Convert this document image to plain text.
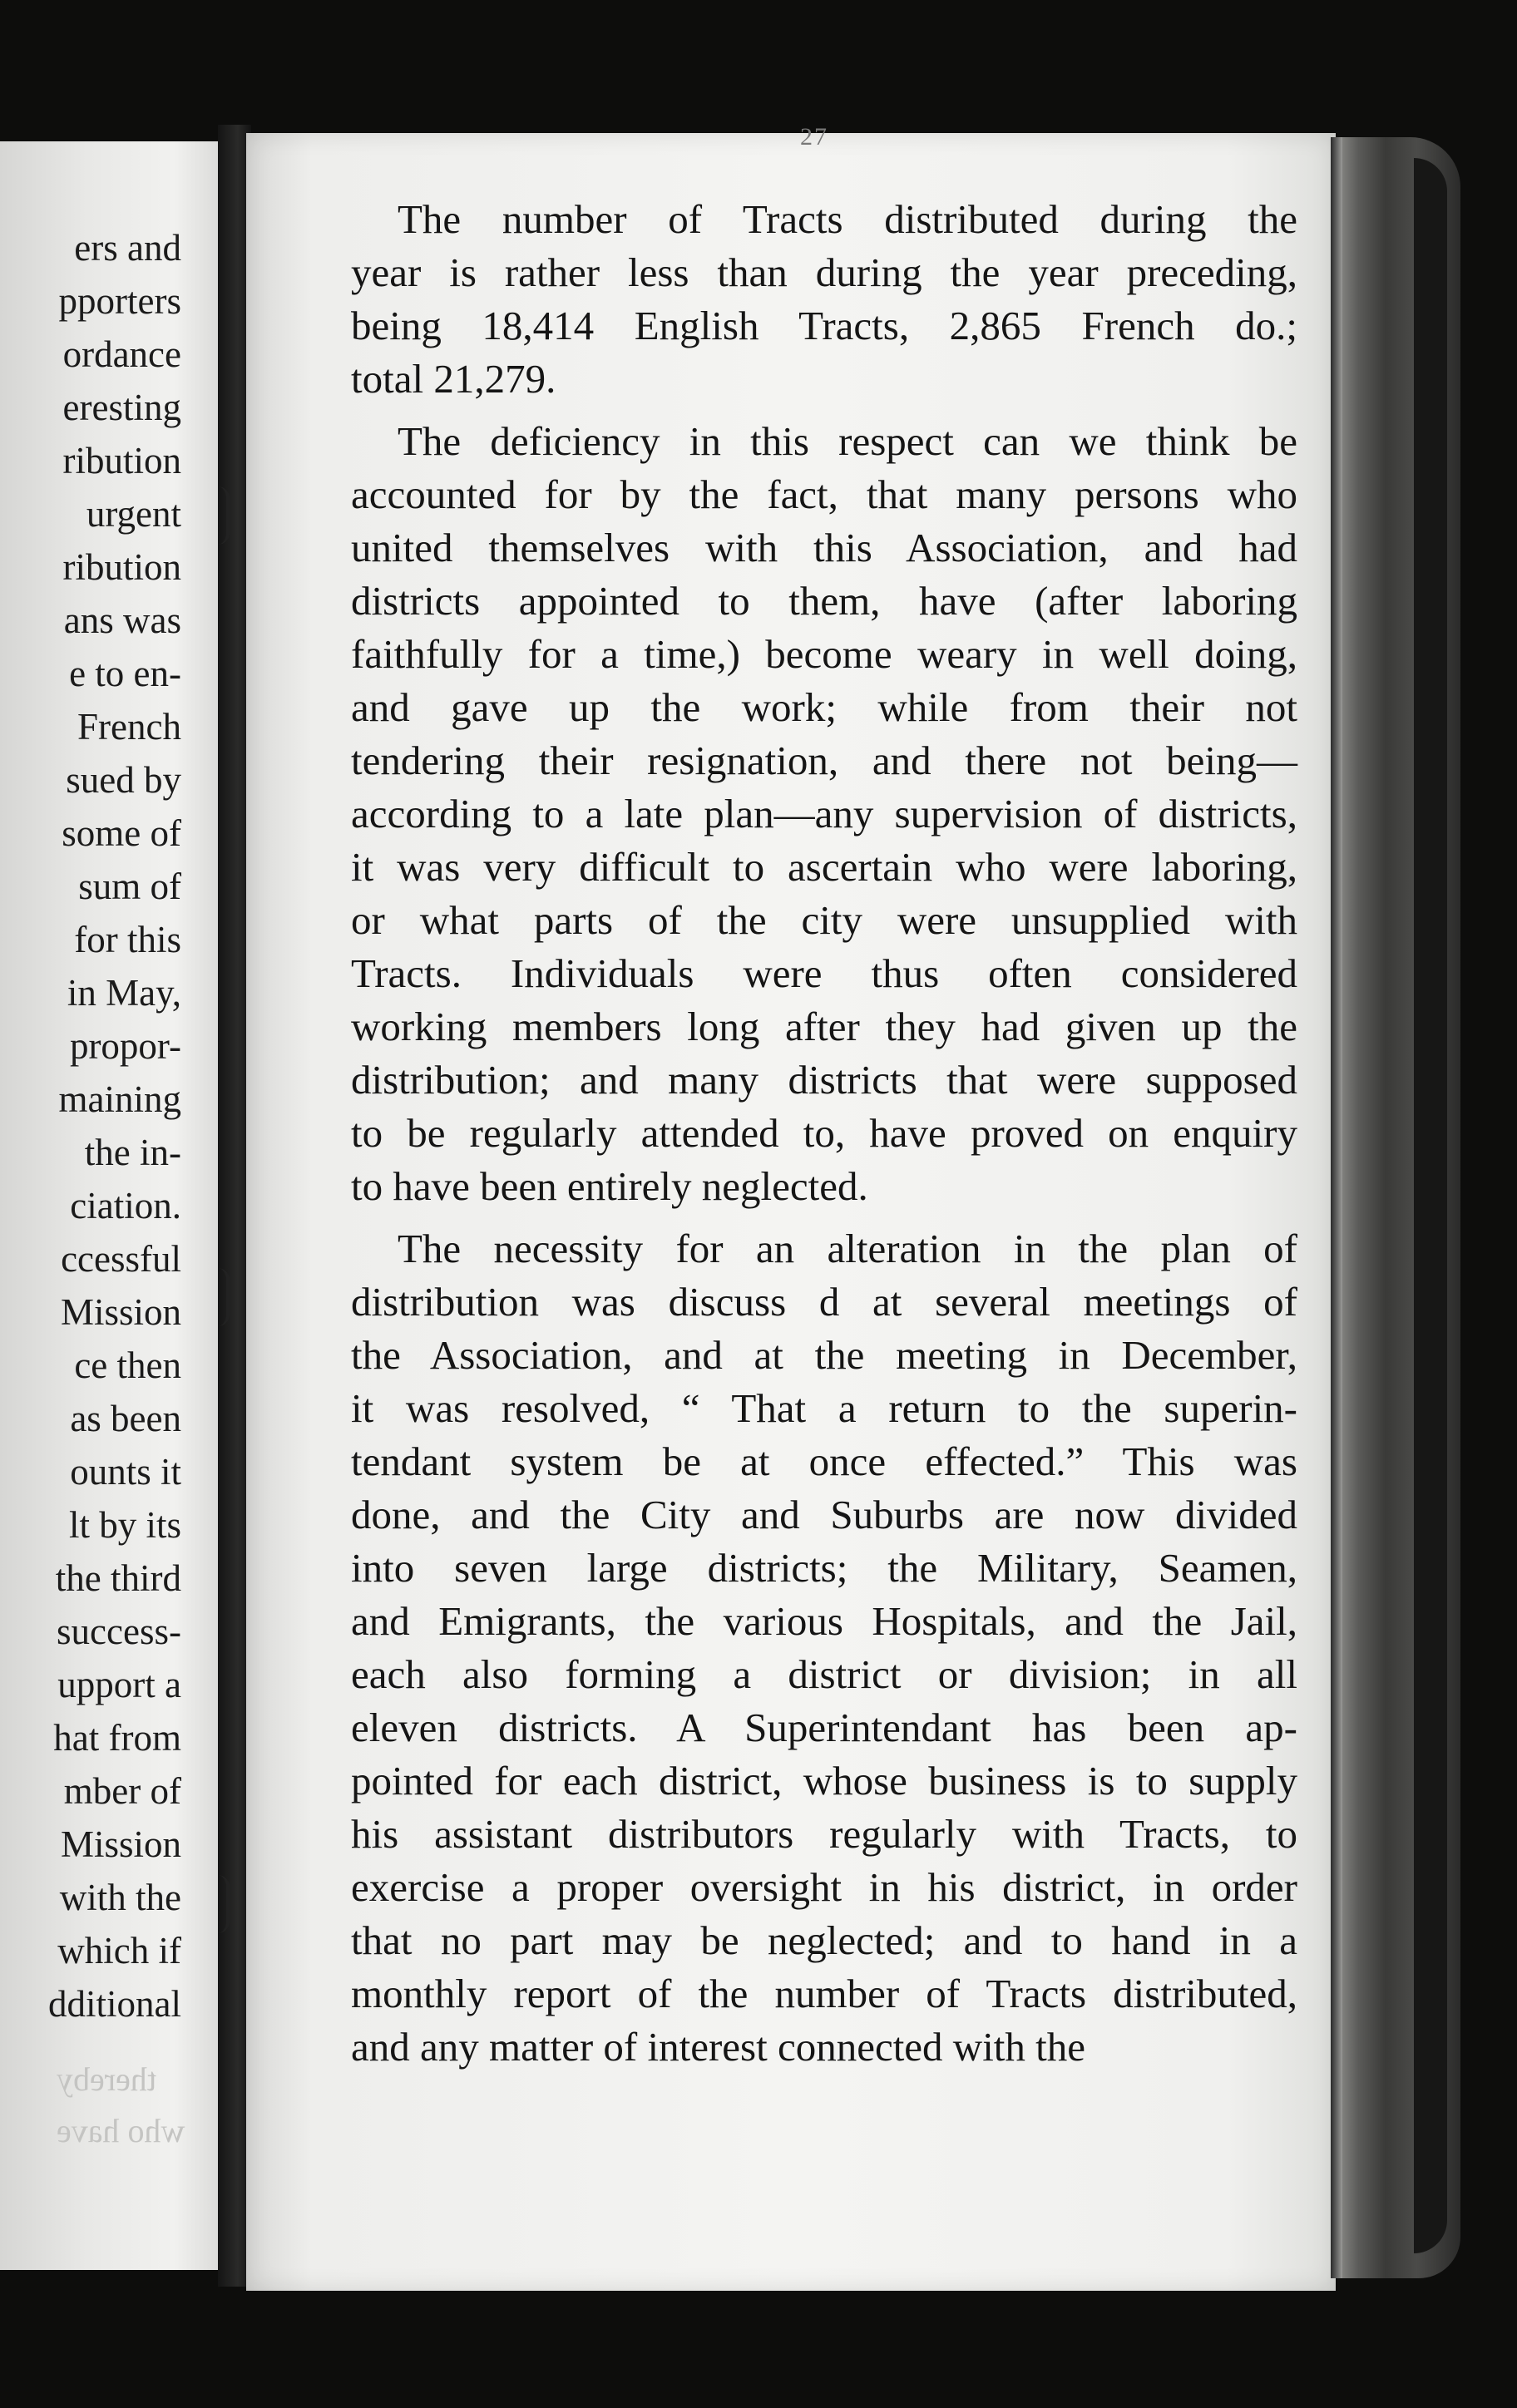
ers and
pporters
ordance
eresting
ribution
urgent
ribution
ans was
e to en-
French
sued by
some of
sum of
for this
in May,
propor-
maining
the in-
ciation.
ccessful
Mission
ce then
as been
ounts it
lt by its
the third
success-
upport a
hat from
mber of
Mission
with the
which if
dditional
thereby
who have
27
The number of Tracts distributed during the
year is rather less than during the year preceding,
being 18,414 English Tracts, 2,865 French do.;
total 21,279.
The deficiency in this respect can we think be
accounted for by the fact, that many persons who
united themselves with this Association, and had
districts appointed to them, have (after laboring
faithfully for a time,) become weary in well doing,
and gave up the work; while from their not
tendering their resignation, and there not being—
according to a late plan—any supervision of districts,
it was very difficult to ascertain who were laboring,
or what parts of the city were unsupplied with
Tracts. Individuals were thus often considered
working members long after they had given up the
distribution; and many districts that were supposed
to be regularly attended to, have proved on enquiry
to have been entirely neglected.
The necessity for an alteration in the plan of
distribution was discuss d at several meetings of
the Association, and at the meeting in December,
it was resolved, “ That a return to the superin-
tendant system be at once effected.” This was
done, and the City and Suburbs are now divided
into seven large districts; the Military, Seamen,
and Emigrants, the various Hospitals, and the Jail,
each also forming a district or division; in all
eleven districts. A Superintendant has been ap-
pointed for each district, whose business is to supply
his assistant distributors regularly with Tracts, to
exercise a proper oversight in his district, in order
that no part may be neglected; and to hand in a
monthly report of the number of Tracts distributed,
and any matter of interest connected with the
